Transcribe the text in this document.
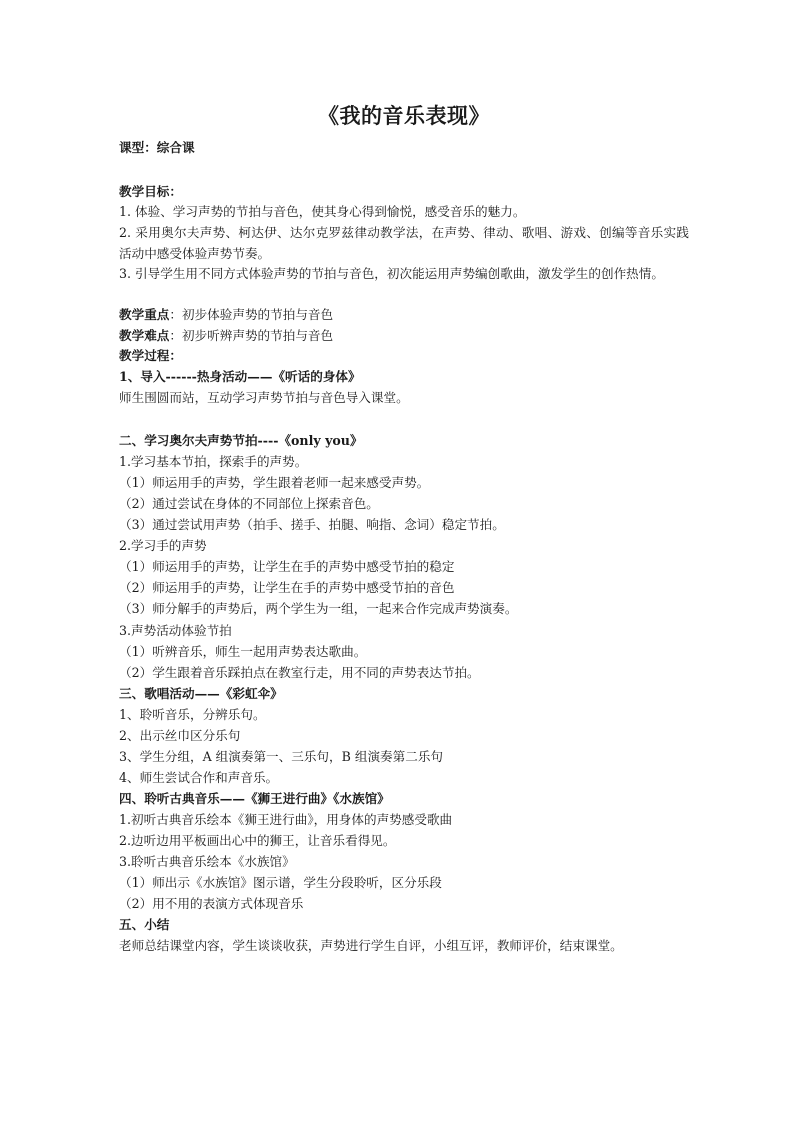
《我的音乐表现》
课型：综合课
教学目标：
1. 体验、学习声势的节拍与音色，使其身心得到愉悦，感受音乐的魅力。
2. 采用奥尔夫声势、柯达伊、达尔克罗兹律动教学法，在声势、律动、歌唱、游戏、创编等音乐实践活动中感受体验声势节奏。
3. 引导学生用不同方式体验声势的节拍与音色，初次能运用声势编创歌曲，激发学生的创作热情。
教学重点：初步体验声势的节拍与音色
教学难点：初步听辨声势的节拍与音色
教学过程：
1、导入------热身活动——《听话的身体》
师生围圆而站，互动学习声势节拍与音色导入课堂。
二、学习奥尔夫声势节拍----《only you》
1.学习基本节拍，探索手的声势。
（1）师运用手的声势，学生跟着老师一起来感受声势。
（2）通过尝试在身体的不同部位上探索音色。
（3）通过尝试用声势（拍手、搓手、拍腿、响指、念词）稳定节拍。
2.学习手的声势
（1）师运用手的声势，让学生在手的声势中感受节拍的稳定
（2）师运用手的声势，让学生在手的声势中感受节拍的音色
（3）师分解手的声势后，两个学生为一组，一起来合作完成声势演奏。
3.声势活动体验节拍
（1）听辨音乐，师生一起用声势表达歌曲。
（2）学生跟着音乐踩拍点在教室行走，用不同的声势表达节拍。
三、歌唱活动——《彩虹伞》
1、聆听音乐，分辨乐句。
2、出示丝巾区分乐句
3、学生分组，A 组演奏第一、三乐句，B 组演奏第二乐句
4、师生尝试合作和声音乐。
四、聆听古典音乐——《狮王进行曲》《水族馆》
1.初听古典音乐绘本《狮王进行曲》，用身体的声势感受歌曲
2.边听边用平板画出心中的狮王，让音乐看得见。
3.聆听古典音乐绘本《水族馆》
（1）师出示《水族馆》图示谱，学生分段聆听，区分乐段
（2）用不用的表演方式体现音乐
五、小结
老师总结课堂内容，学生谈谈收获，声势进行学生自评，小组互评，教师评价，结束课堂。
